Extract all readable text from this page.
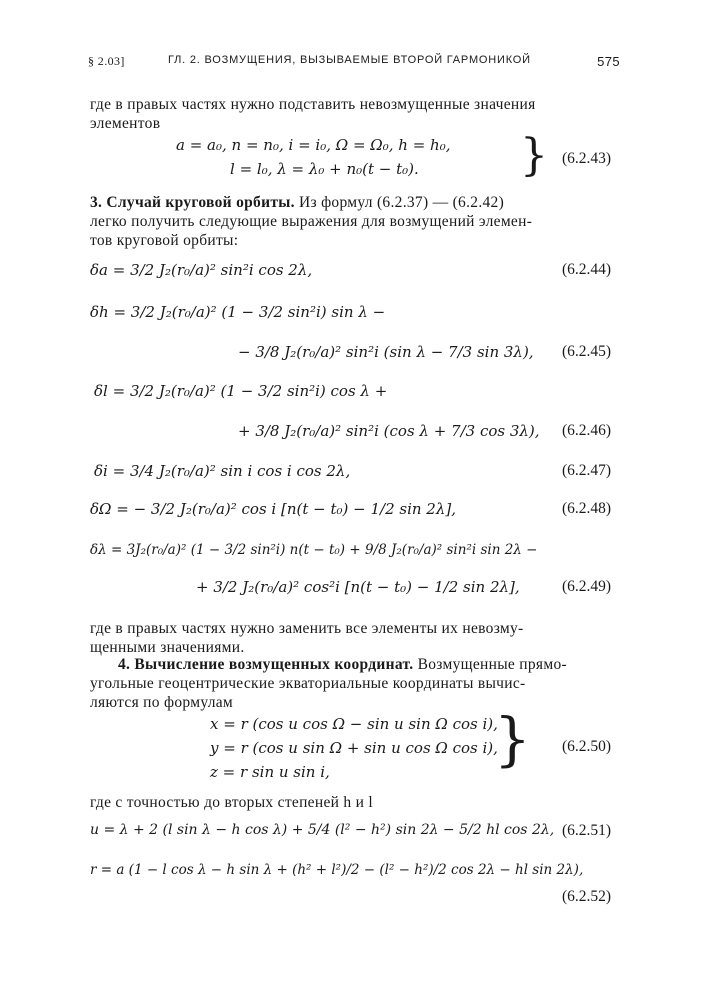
§ 2.03]	ГЛ. 2. ВОЗМУЩЕНИЯ, ВЫЗЫВАЕМЫЕ ВТОРОЙ ГАРМОНИКОЙ	575
где в правых частях нужно подставить невозмущенные значения
элементов
a = a₀, n = n₀, i = i₀, Ω = Ω₀, h = h₀,
l = l₀, λ = λ₀ + n₀(t − t₀). } (6.2.43)
3. Случай круговой орбиты. Из формул (6.2.37) — (6.2.42)
легко получить следующие выражения для возмущений элемен-
тов круговой орбиты:
δa = 3/2 J₂(r₀/a)² sin²i cos 2λ,	(6.2.44)
δh = 3/2 J₂(r₀/a)² (1 − 3/2 sin²i) sin λ −
− 3/8 J₂(r₀/a)² sin²i (sin λ − 7/3 sin 3λ), (6.2.45)
δl = 3/2 J₂(r₀/a)² (1 − 3/2 sin²i) cos λ +
+ 3/8 J₂(r₀/a)² sin²i (cos λ + 7/3 cos 3λ), (6.2.46)
δi = 3/4 J₂(r₀/a)² sin i cos i cos 2λ,	(6.2.47)
δΩ = − 3/2 J₂(r₀/a)² cos i [n(t − t₀) − 1/2 sin 2λ],	(6.2.48)
δλ = 3J₂(r₀/a)² (1 − 3/2 sin²i) n(t − t₀) + 9/8 J₂(r₀/a)² sin²i sin 2λ −
+ 3/2 J₂(r₀/a)² cos²i [n(t − t₀) − 1/2 sin 2λ],	(6.2.49)
где в правых частях нужно заменить все элементы их невозму-
щенными значениями.
4. Вычисление возмущенных координат. Возмущенные прямо-
угольные геоцентрические экваториальные координаты вычис-
ляются по формулам
x = r (cos u cos Ω − sin u sin Ω cos i),
y = r (cos u sin Ω + sin u cos Ω cos i),
z = r sin u sin i,	} (6.2.50)
где с точностью до вторых степеней h и l
u = λ + 2 (l sin λ − h cos λ) + 5/4 (l² − h²) sin 2λ − 5/2 hl cos 2λ, (6.2.51)
r = a (1 − l cos λ − h sin λ + (h² + l²)/2 − (l² − h²)/2 cos 2λ − hl sin 2λ),
(6.2.52)
